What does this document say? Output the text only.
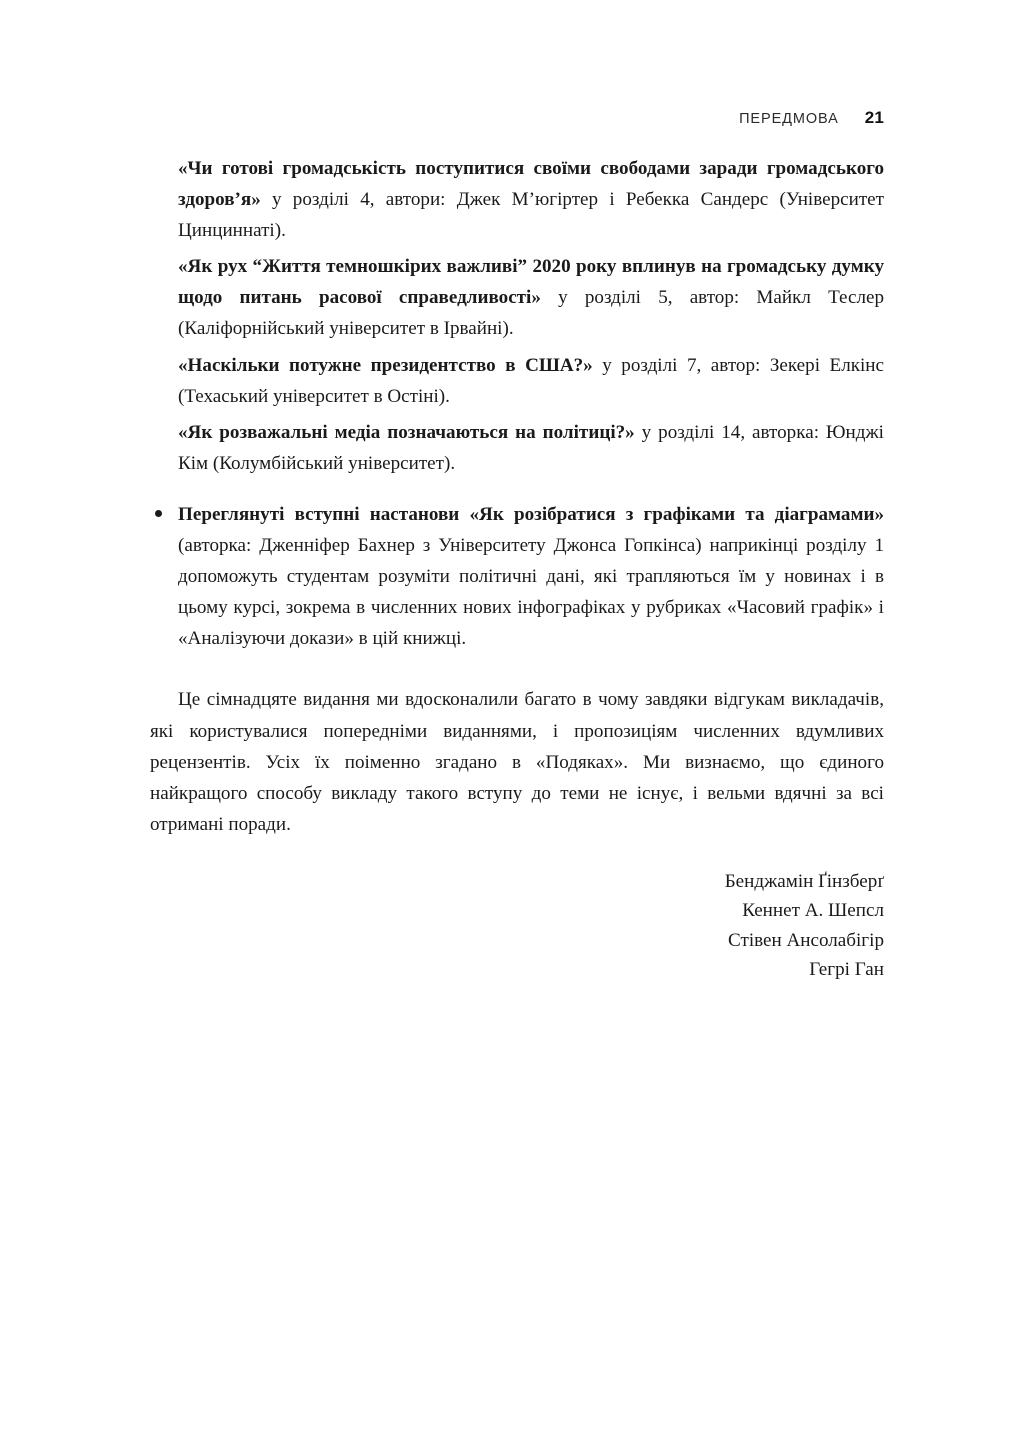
ПЕРЕДМОВА 21

«Чи готові громадськість поступитися своїми свободами заради громадського здоров’я» у розділі 4, автори: Джек М’югіртер і Ребекка Сандерс (Університет Цинциннаті).

«Як рух “Життя темношкірих важливі” 2020 року вплинув на громадську думку щодо питань расової справедливості» у розділі 5, автор: Майкл Теслер (Каліфорнійський університет в Ірвайні).

«Наскільки потужне президентство в США?» у розділі 7, автор: Зекері Елкінс (Техаський університет в Остіні).

«Як розважальні медіа позначаються на політиці?» у розділі 14, авторка: Юнджі Кім (Колумбійський університет).

Переглянуті вступні настанови «Як розібратися з графіками та діаграмами» (авторка: Дженніфер Бахнер з Університету Джонса Гопкінса) наприкінці розділу 1 допоможуть студентам розуміти політичні дані, які трапляються їм у новинах і в цьому курсі, зокрема в численних нових інфографіках у рубриках «Часовий графік» і «Аналізуючи докази» в цій книжці.

Це сімнадцяте видання ми вдосконалили багато в чому завдяки відгукам викладачів, які користувалися попередніми виданнями, і пропозиціям численних вдумливих рецензентів. Усіх їх поіменно згадано в «Подяках». Ми визнаємо, що єдиного найкращого способу викладу такого вступу до теми не існує, і вельми вдячні за всі отримані поради.

Бенджамін Ґінзберґ
Кеннет А. Шепсл
Стівен Ансолабігір
Гегрі Ган
